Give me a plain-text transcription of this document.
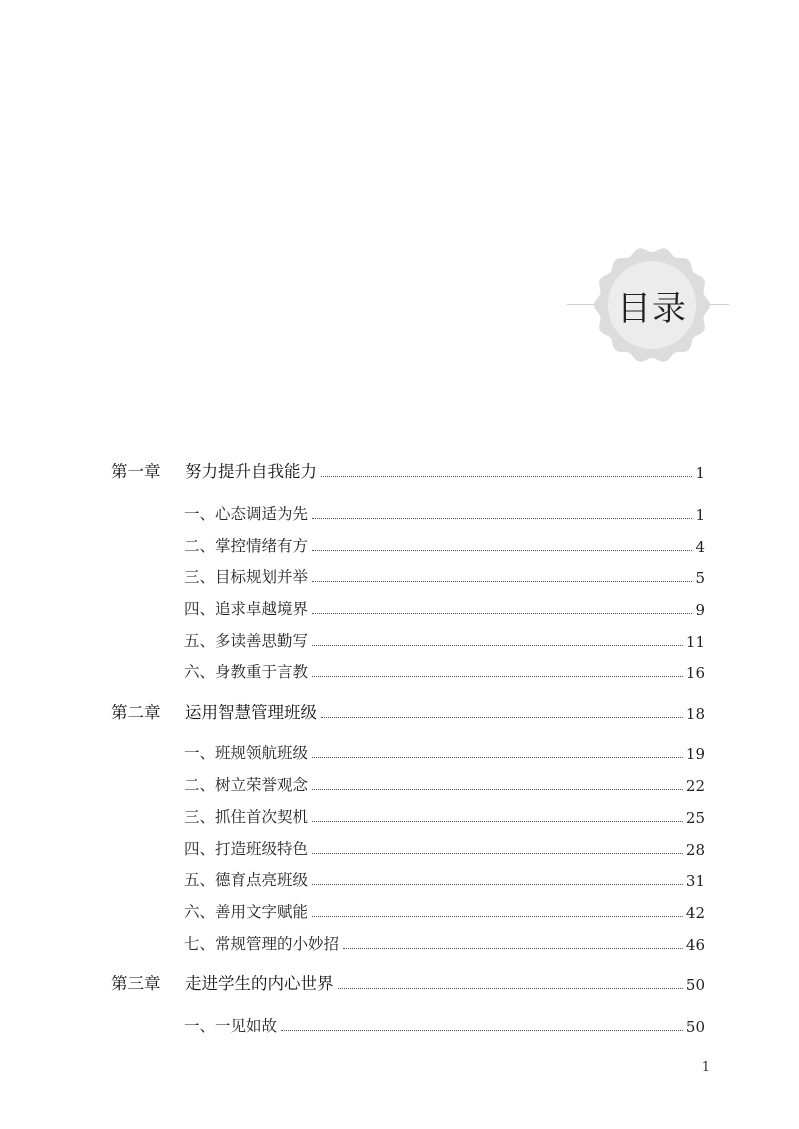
目录
第一章	努力提升自我能力	1
一、心态调适为先	1
二、掌控情绪有方	4
三、目标规划并举	5
四、追求卓越境界	9
五、多读善思勤写	11
六、身教重于言教	16
第二章	运用智慧管理班级	18
一、班规领航班级	19
二、树立荣誉观念	22
三、抓住首次契机	25
四、打造班级特色	28
五、德育点亮班级	31
六、善用文字赋能	42
七、常规管理的小妙招	46
第三章	走进学生的内心世界	50
一、一见如故	50
1
